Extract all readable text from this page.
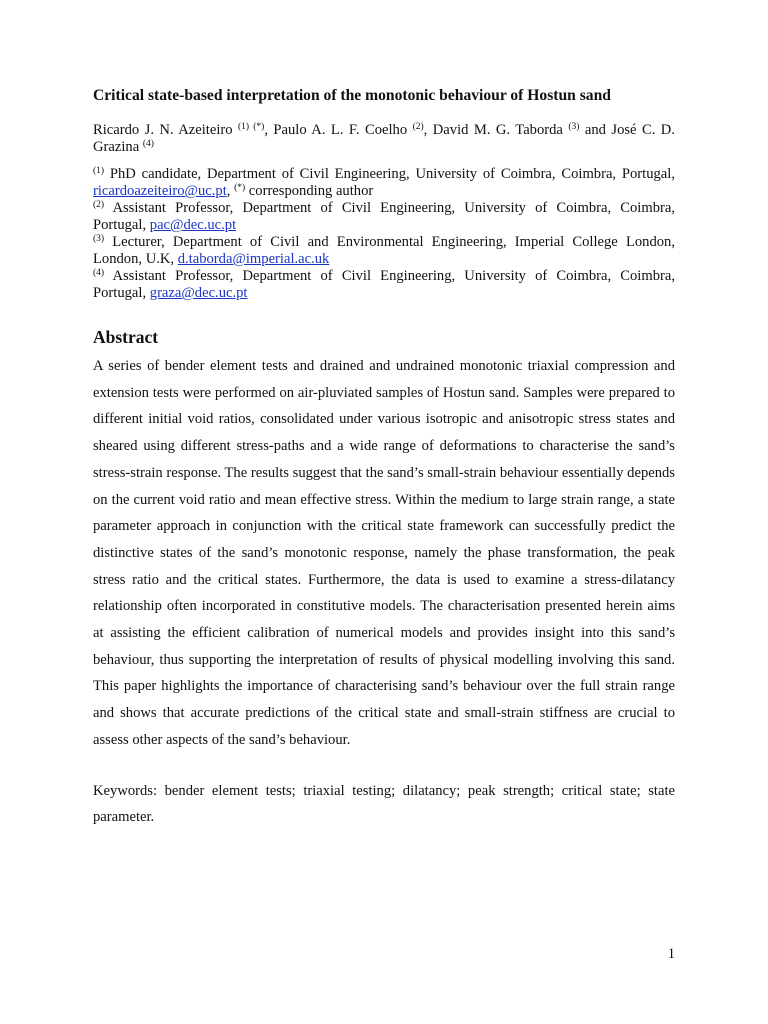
Critical state-based interpretation of the monotonic behaviour of Hostun sand
Ricardo J. N. Azeiteiro $^{(1) (*)}$, Paulo A. L. F. Coelho $^{(2)}$, David M. G. Taborda $^{(3)}$ and José C. D. Grazina $^{(4)}$
$^{(1)}$ PhD candidate, Department of Civil Engineering, University of Coimbra, Coimbra, Portugal, ricardoazeiteiro@uc.pt, (*) corresponding author
$^{(2)}$ Assistant Professor, Department of Civil Engineering, University of Coimbra, Coimbra, Portugal, pac@dec.uc.pt
$^{(3)}$ Lecturer, Department of Civil and Environmental Engineering, Imperial College London, London, U.K, d.taborda@imperial.ac.uk
$^{(4)}$ Assistant Professor, Department of Civil Engineering, University of Coimbra, Coimbra, Portugal, graza@dec.uc.pt
Abstract

A series of bender element tests and drained and undrained monotonic triaxial compression and extension tests were performed on air-pluviated samples of Hostun sand. Samples were prepared to different initial void ratios, consolidated under various isotropic and anisotropic stress states and sheared using different stress-paths and a wide range of deformations to characterise the sand’s stress-strain response. The results suggest that the sand’s small-strain behaviour essentially depends on the current void ratio and mean effective stress. Within the medium to large strain range, a state parameter approach in conjunction with the critical state framework can successfully predict the distinctive states of the sand’s monotonic response, namely the phase transformation, the peak stress ratio and the critical states. Furthermore, the data is used to examine a stress-dilatancy relationship often incorporated in constitutive models. The characterisation presented herein aims at assisting the efficient calibration of numerical models and provides insight into this sand’s behaviour, thus supporting the interpretation of results of physical modelling involving this sand. This paper highlights the importance of characterising sand’s behaviour over the full strain range and shows that accurate predictions of the critical state and small-strain stiffness are crucial to assess other aspects of the sand’s behaviour.

Keywords: bender element tests; triaxial testing; dilatancy; peak strength; critical state; state parameter.

1
